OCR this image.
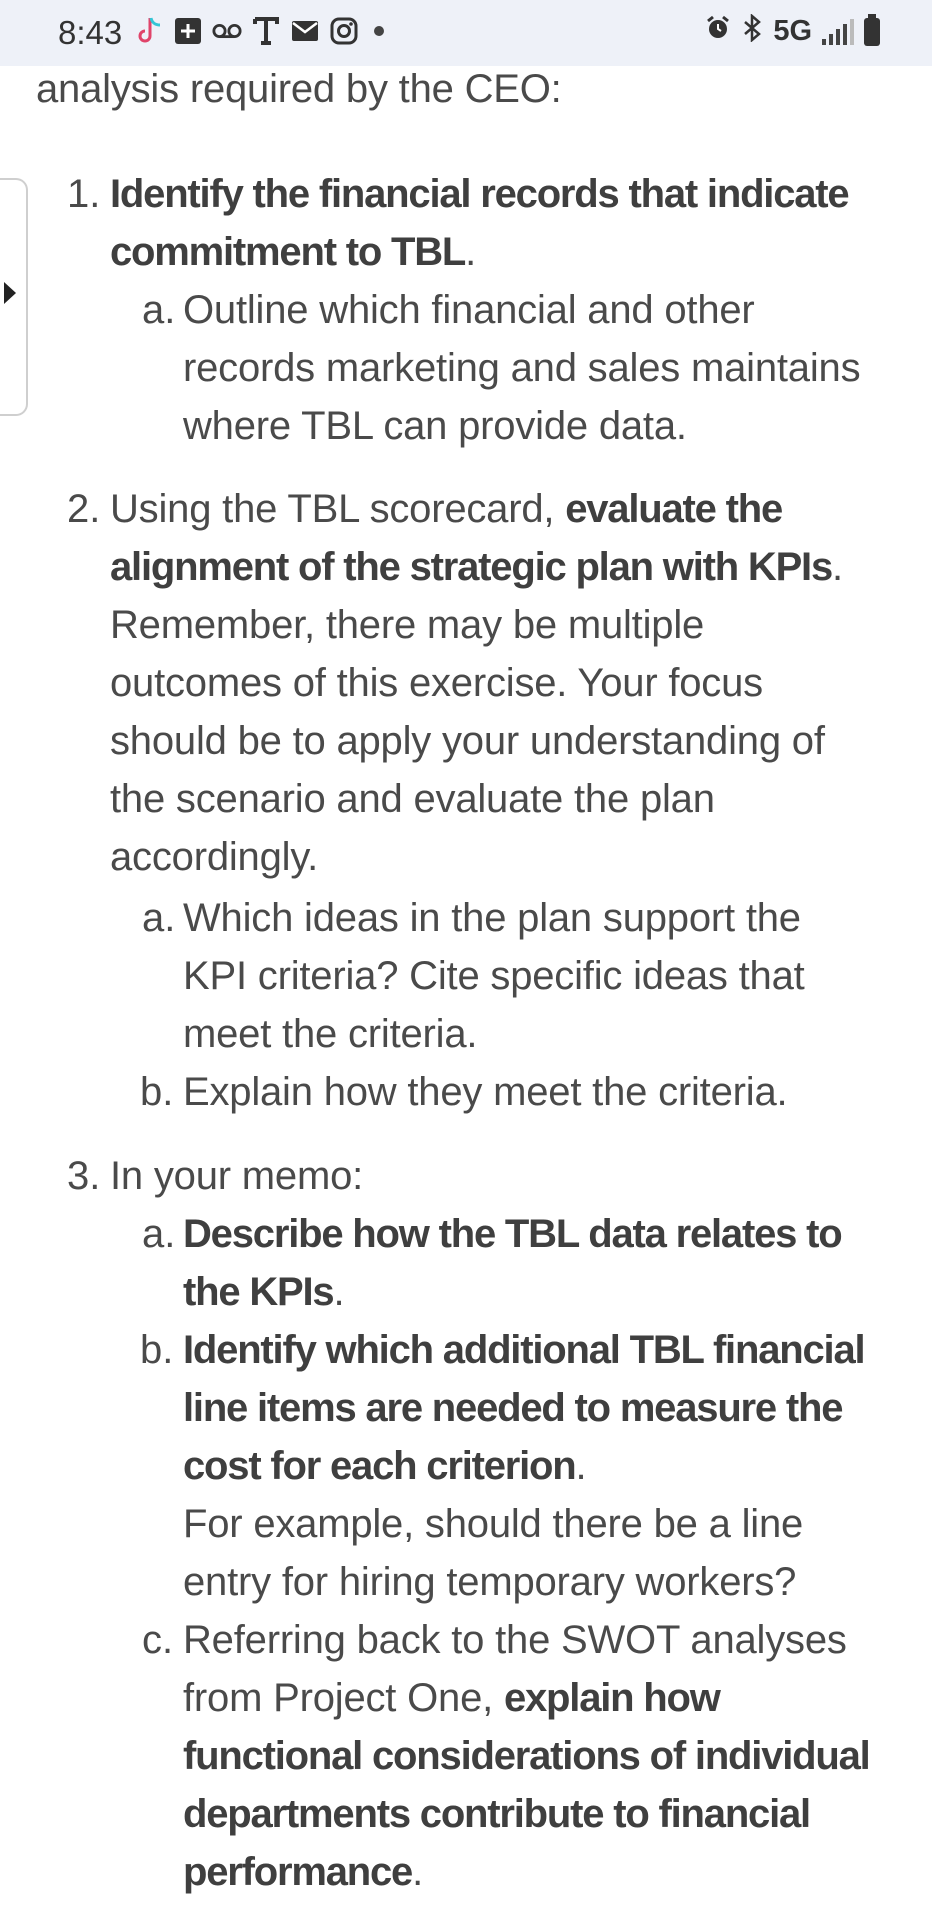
8:43	5G
analysis required by the CEO:
1. Identify the financial records that indicate
commitment to TBL.
a. Outline which financial and other
records marketing and sales maintains
where TBL can provide data.
2. Using the TBL scorecard, evaluate the
alignment of the strategic plan with KPIs.
Remember, there may be multiple
outcomes of this exercise. Your focus
should be to apply your understanding of
the scenario and evaluate the plan
accordingly.
a. Which ideas in the plan support the
KPI criteria? Cite specific ideas that
meet the criteria.
b. Explain how they meet the criteria.
3. In your memo:
a. Describe how the TBL data relates to
the KPIs.
b. Identify which additional TBL financial
line items are needed to measure the
cost for each criterion.
For example, should there be a line
entry for hiring temporary workers?
c. Referring back to the SWOT analyses
from Project One, explain how
functional considerations of individual
departments contribute to financial
performance.
